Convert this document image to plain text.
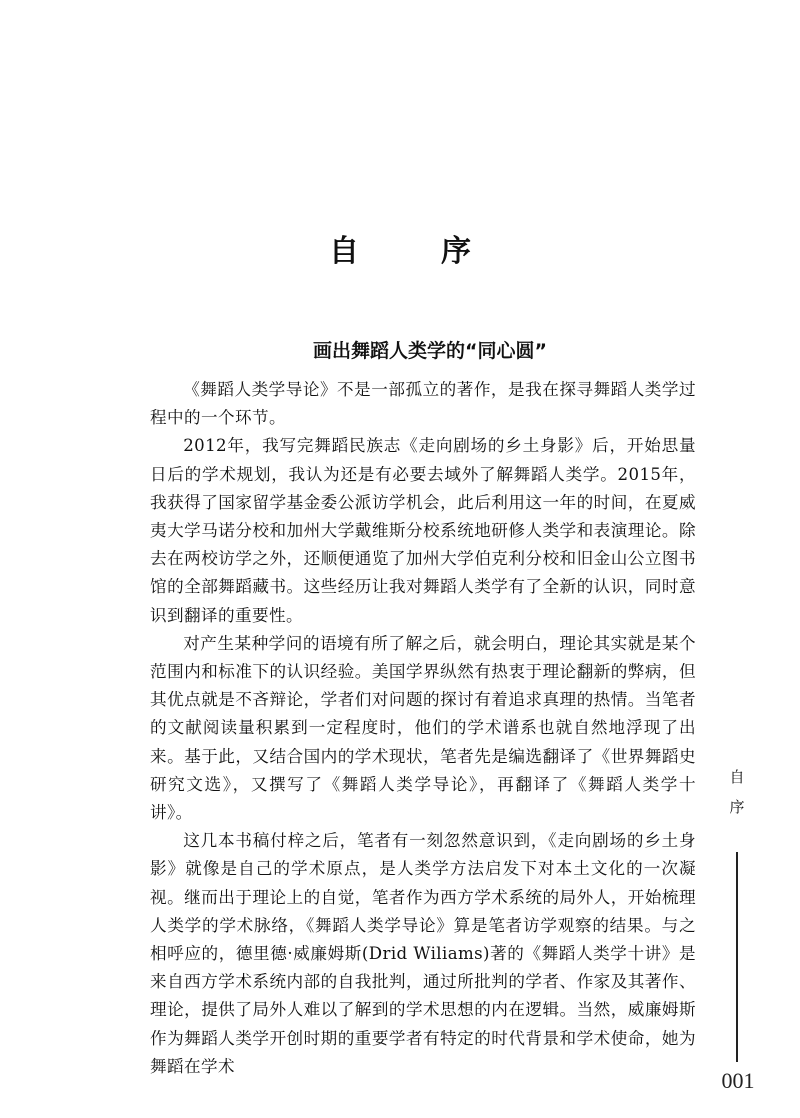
自　序
画出舞蹈人类学的“同心圆”

《舞蹈人类学导论》不是一部孤立的著作，是我在探寻舞蹈人类学过程中的一个环节。

2012年，我写完舞蹈民族志《走向剧场的乡土身影》后，开始思量日后的学术规划，我认为还是有必要去域外了解舞蹈人类学。2015年，我获得了国家留学基金委公派访学机会，此后利用这一年的时间，在夏威夷大学马诺分校和加州大学戴维斯分校系统地研修人类学和表演理论。除去在两校访学之外，还顺便通览了加州大学伯克利分校和旧金山公立图书馆的全部舞蹈藏书。这些经历让我对舞蹈人类学有了全新的认识，同时意识到翻译的重要性。

对产生某种学问的语境有所了解之后，就会明白，理论其实就是某个范围内和标准下的认识经验。美国学界纵然有热衷于理论翻新的弊病，但其优点就是不吝辩论，学者们对问题的探讨有着追求真理的热情。当笔者的文献阅读量积累到一定程度时，他们的学术谱系也就自然地浮现了出来。基于此，又结合国内的学术现状，笔者先是编选翻译了《世界舞蹈史研究文选》，又撰写了《舞蹈人类学导论》，再翻译了《舞蹈人类学十讲》。

这几本书稿付梓之后，笔者有一刻忽然意识到，《走向剧场的乡土身影》就像是自己的学术原点，是人类学方法启发下对本土文化的一次凝视。继而出于理论上的自觉，笔者作为西方学术系统的局外人，开始梳理人类学的学术脉络，《舞蹈人类学导论》算是笔者访学观察的结果。与之相呼应的，德里德·威廉姆斯(Drid Wiliams)著的《舞蹈人类学十讲》是来自西方学术系统内部的自我批判，通过所批判的学者、作家及其著作、理论，提供了局外人难以了解到的学术思想的内在逻辑。当然，威廉姆斯作为舞蹈人类学开创时期的重要学者有特定的时代背景和学术使命，她为舞蹈在学术

自
序
001
